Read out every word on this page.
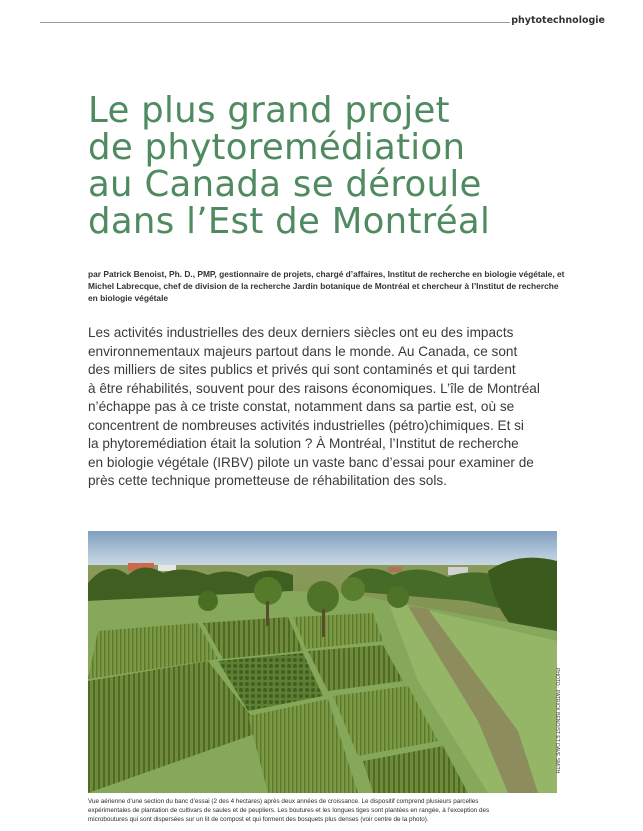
phytotechnologie
Le plus grand projet
de phytoremédiation
au Canada se déroule
dans l’Est de Montréal
par Patrick Benoist, Ph. D., PMP, gestionnaire de projets, chargé d’affaires, Institut de recherche en biologie végétale, et Michel Labrecque, chef de division de la recherche Jardin botanique de Montréal et chercheur à l’Institut de recherche en biologie végétale
Les activités industrielles des deux derniers siècles ont eu des impacts
environnementaux majeurs partout dans le monde. Au Canada, ce sont
des milliers de sites publics et privés qui sont contaminés et qui tardent
à être réhabilités, souvent pour des raisons économiques. L’île de Montréal
n’échappe pas à ce triste constat, notamment dans sa partie est, où se
concentrent de nombreuses activités industrielles (pétro)chimiques. Et si
la phytoremédiation était la solution ? À Montréal, l’Institut de recherche
en biologie végétale (IRBV) pilote un vaste banc d’essai pour examiner de
près cette technique prometteuse de réhabilitation des sols.
PHOTO : PATRICK BENOIST ET DAVE SMITH
Vue aérienne d’une section du banc d’essai (2 des 4 hectares) après deux années de croissance. Le dispositif comprend plusieurs parcelles
expérimentales de plantation de cultivars de saules et de peupliers. Les boutures et les longues tiges sont plantées en rangée, à l’exception des
microboutures qui sont dispersées sur un lit de compost et qui forment des bosquets plus denses (voir centre de la photo).
